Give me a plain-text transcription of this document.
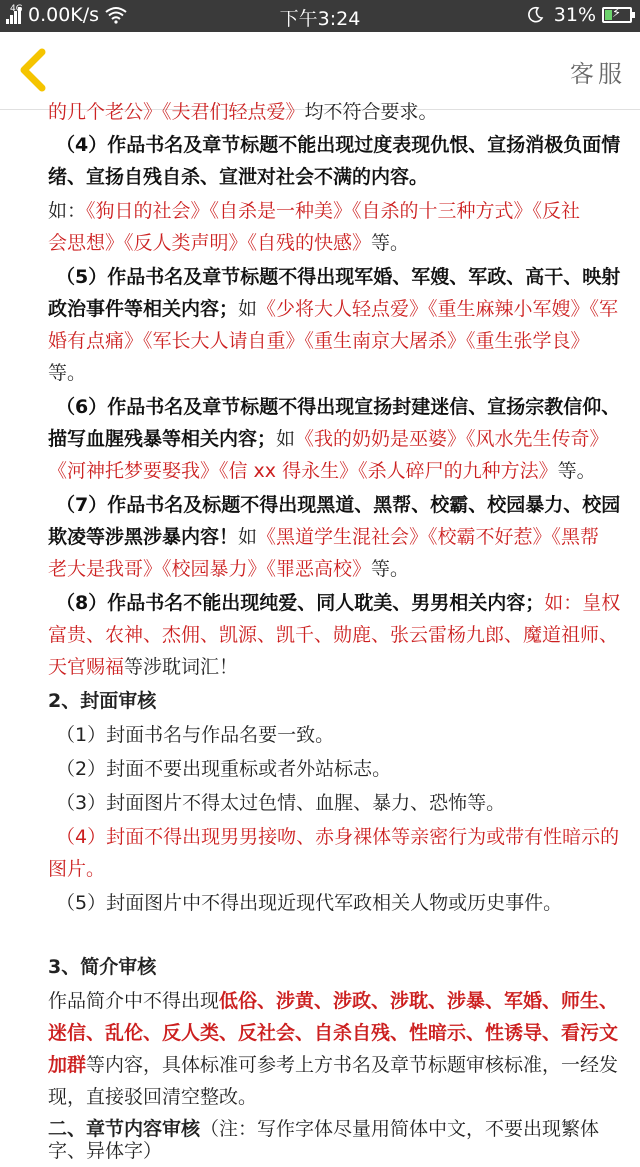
4G 0.00K/s	下午3:24	31% ⚡
客服
的几个老公》《夫君们轻点爱》均不符合要求。
（4）作品书名及章节标题不能出现过度表现仇恨、宣扬消极负面情
绪、宣扬自残自杀、宣泄对社会不满的内容。
如：《狗日的社会》《自杀是一种美》《自杀的十三种方式》《反社
会思想》《反人类声明》《自残的快感》等。
（5）作品书名及章节标题不得出现军婚、军嫂、军政、高干、映射
政治事件等相关内容；如《少将大人轻点爱》《重生麻辣小军嫂》《军
婚有点痛》《军长大人请自重》《重生南京大屠杀》《重生张学良》
等。
（6）作品书名及章节标题不得出现宣扬封建迷信、宣扬宗教信仰、
描写血腥残暴等相关内容；如《我的奶奶是巫婆》《风水先生传奇》
《河神托梦要娶我》《信 xx 得永生》《杀人碎尸的九种方法》等。
（7）作品书名及标题不得出现黑道、黑帮、校霸、校园暴力、校园
欺凌等涉黑涉暴内容！如《黑道学生混社会》《校霸不好惹》《黑帮
老大是我哥》《校园暴力》《罪恶高校》等。
（8）作品书名不能出现纯爱、同人耽美、男男相关内容；如：皇权
富贵、农神、杰佣、凯源、凯千、勋鹿、张云雷杨九郎、魔道祖师、
天官赐福等涉耽词汇！
2、封面审核
（1）封面书名与作品名要一致。
（2）封面不要出现重标或者外站标志。
（3）封面图片不得太过色情、血腥、暴力、恐怖等。
（4）封面不得出现男男接吻、赤身裸体等亲密行为或带有性暗示的
图片。
（5）封面图片中不得出现近现代军政相关人物或历史事件。
3、简介审核
作品简介中不得出现低俗、涉黄、涉政、涉耽、涉暴、军婚、师生、
迷信、乱伦、反人类、反社会、自杀自残、性暗示、性诱导、看污文
加群等内容，具体标准可参考上方书名及章节标题审核标准，一经发
现，直接驳回清空整改。
二、章节内容审核（注：写作字体尽量用简体中文，不要出现繁体
字、异体字）
